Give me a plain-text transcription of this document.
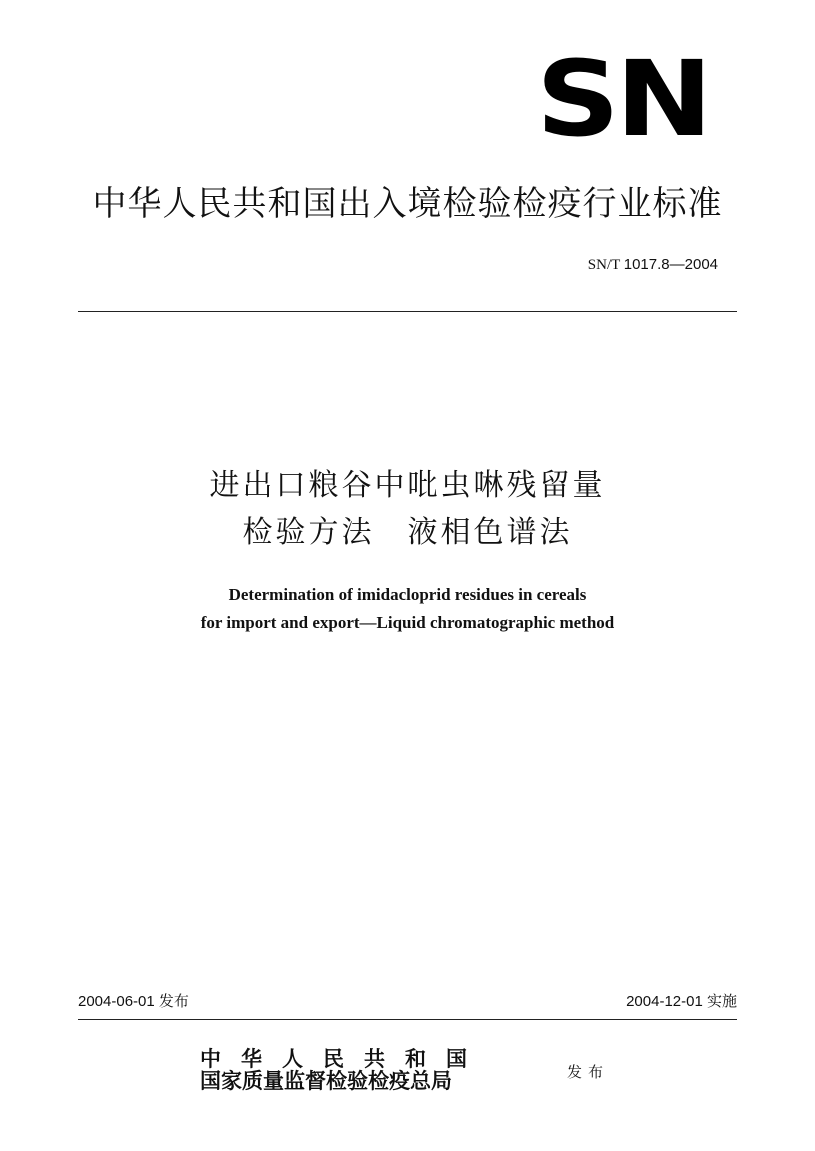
SN
中华人民共和国出入境检验检疫行业标准
SN/T 1017.8—2004
进出口粮谷中吡虫啉残留量
检验方法　液相色谱法
Determination of imidacloprid residues in cereals
for import and export—Liquid chromatographic method
2004-06-01 发布	2004-12-01 实施
中华人民共和国
国家质量监督检验检疫总局	发布
